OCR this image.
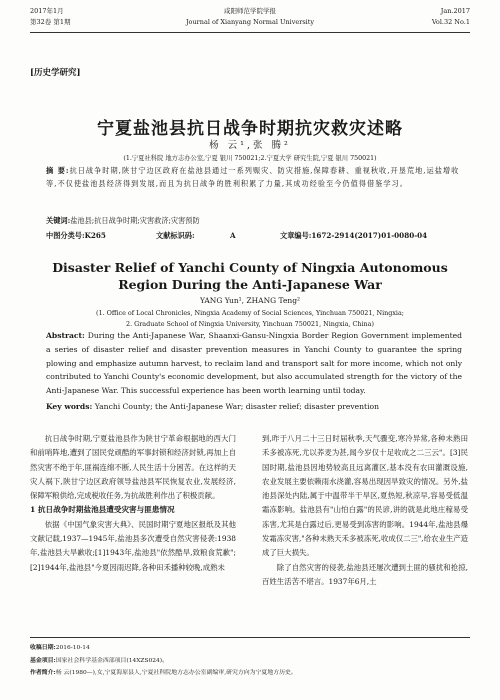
2017年1月
第32卷 第1期
咸阳师范学院学报
Journal of Xianyang Normal University
Jan.2017
Vol.32 No.1
[历史学研究]
宁夏盐池县抗日战争时期抗灾救灾述略
杨 云¹,张 腾²
(1.宁夏社科院 地方志办公室,宁夏 银川 750021;2.宁夏大学 研究生院,宁夏 银川 750021)
摘 要:抗日战争时期,陕甘宁边区政府在盐池县通过一系列赈灾、防灾措施,保障春耕、重视秋收,开垦荒地,运盐增收等,不仅使盐池县经济得到发展,而且为抗日战争的胜利积累了力量,其成功经验至今仍值得借鉴学习。
关键词:盐池县;抗日战争时期;灾害救济;灾害预防
中图分类号:K265	文献标识码:	A	文章编号:1672-2914(2017)01-0080-04
Disaster Relief of Yanchi County of Ningxia Autonomous
Region During the Anti-Japanese War
YANG Yun¹, ZHANG Teng²
(1. Office of Local Chronicles, Ningxia Academy of Social Sciences, Yinchuan 750021, Ningxia;
2. Graduate School of Ningxia University, Yinchuan 750021, Ningxia, China)
Abstract: During the Anti-Japanese War, Shaanxi-Gansu-Ningxia Border Region Government implemented a series of disaster relief and disaster prevention measures in Yanchi County to guarantee the spring plowing and emphasize autumn harvest, to reclaim land and transport salt for more income, which not only contributed to Yanchi County's economic development, but also accumulated strength for the victory of the Anti-Japanese War. This successful experience has been worth learning until today.
Key words: Yanchi County; the Anti-Japanese War; disaster relief; disaster prevention

抗日战争时期,宁夏盐池县作为陕甘宁革命根据地的西大门和前哨阵地,遭到了国民党顽酷的军事封锁和经济封锁,再加上自然灾害不绝于年,匪祸连绵不断,人民生活十分困苦。在这样的天灾人祸下,陕甘宁边区政府领导盐池县军民恢复农业,发展经济,保障军粮供给,完成税收任务,为抗战胜利作出了积极贡献。

1 抗日战争时期盐池县遭受灾害与匪患情况

依据《中国气象灾害大典》、民国时期宁夏地区报纸及其他文献记载,1937—1945年,盐池县多次遭受自然灾害侵袭:1938年,盐池县大旱歉收;[1]1943年,盐池县"依然酷旱,致粮食荒歉";[2]1944年,盐池县"今夏因雨迟降,各种田禾播种较晚,成熟未

到,昨于八月二十三日时届秋季,天气骤变,寒冷异常,各种未熟田禾多被冻死,尤以荞麦为甚,闻今岁仅十足收成之二三云"。[3]民国时期,盐池县因地势较高且远离灌区,基本没有农田灌溉设施,农业发展主要依赖雨水浇灌,容易出现因旱致灾的情况。另外,盐池县深处内陆,属于中温带半干旱区,夏热短,秋凉早,容易受低温霜冻影响。盐池县有"山怕白露"的民谚,讲的就是此地庄稼易受冻害,尤其是白露过后,更易受到冻害的影响。1944年,盐池县爆发霜冻灾害,"各种未熟天禾多被冻死,收成仅二三",给农业生产造成了巨大损失。

除了自然灾害的侵袭,盐池县还屡次遭到土匪的骚扰和抢掠,百姓生活苦不堪言。1937年6月,土

收稿日期:2016-10-14
基金项目:国家社会科学基金西部项目(14XZS024)。
作者简介:杨 云(1980—),女,宁夏海原县人,宁夏社科院地方志办公室副编审,研究方向为宁夏地方历史。
